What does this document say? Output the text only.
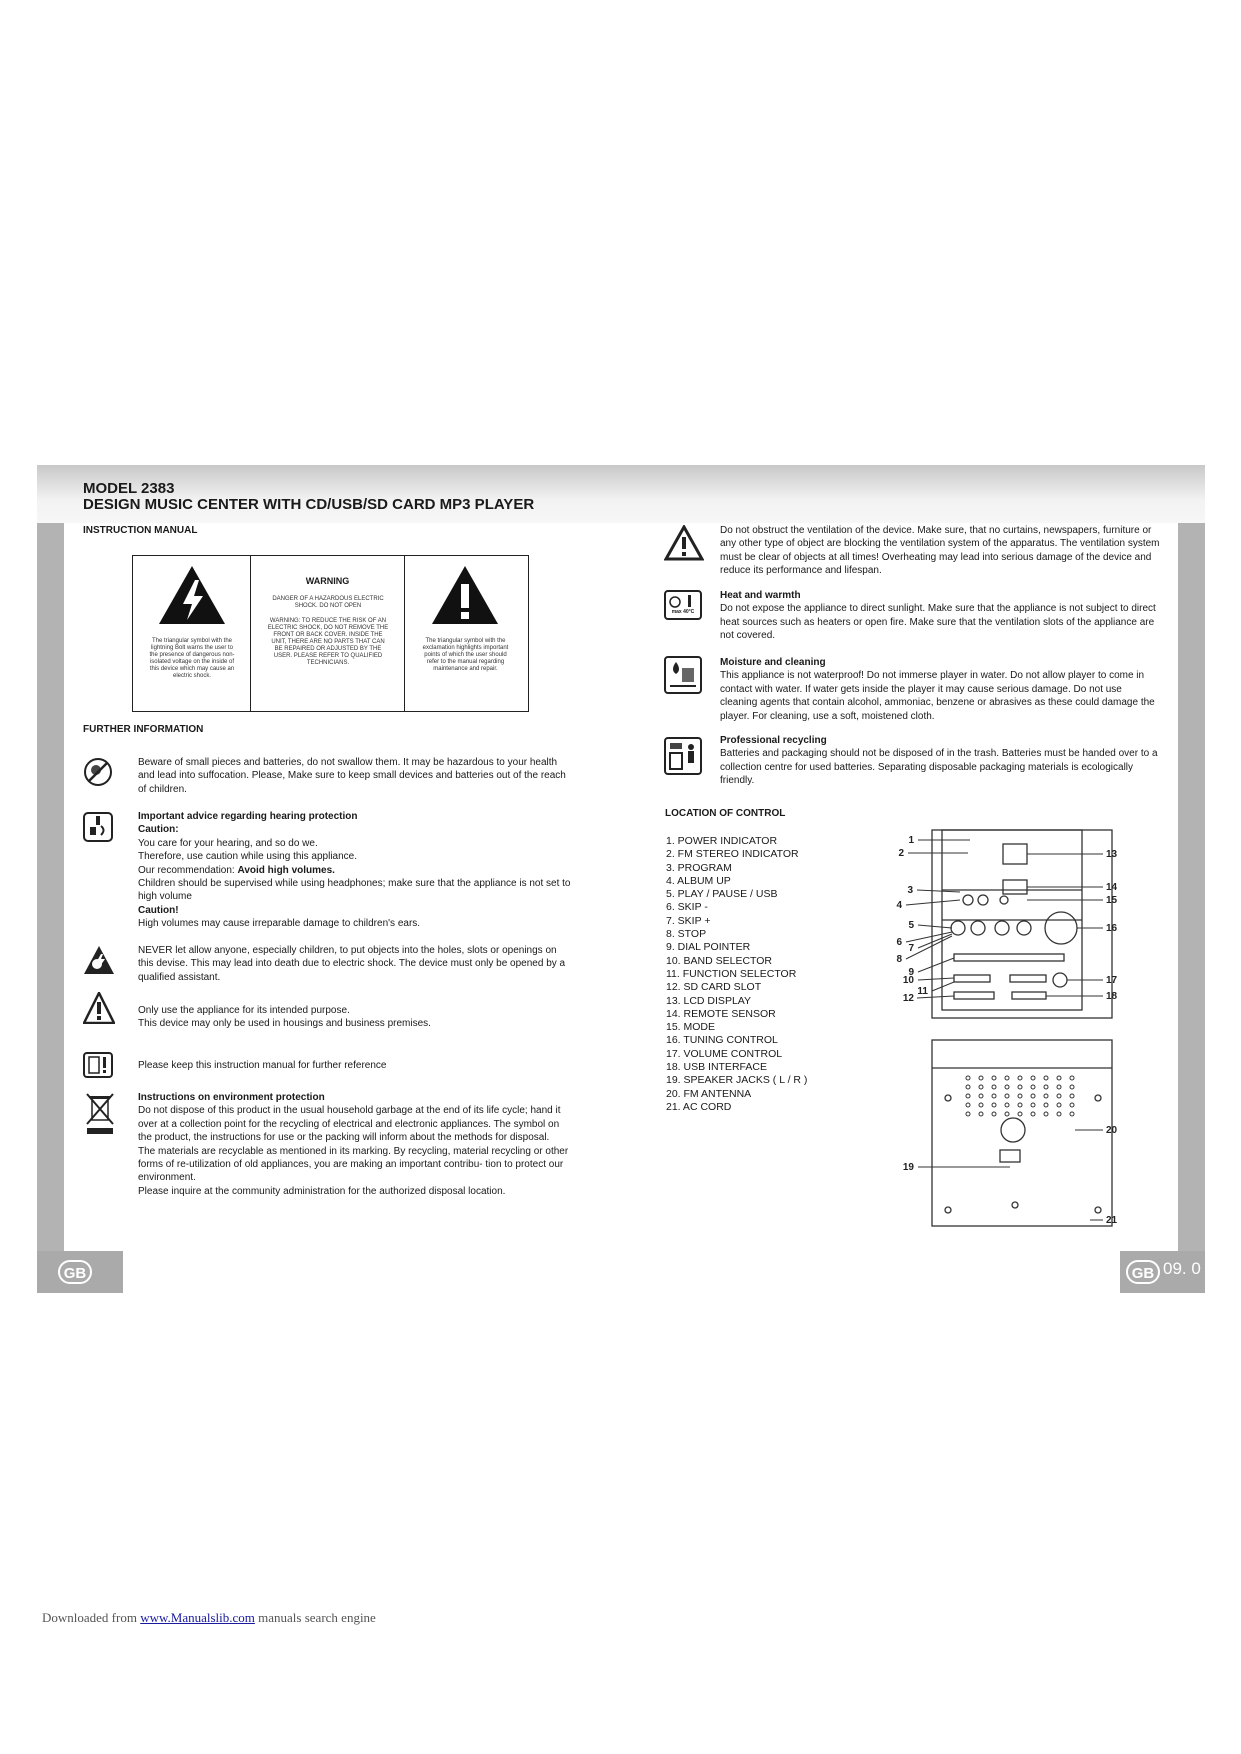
MODEL 2383
DESIGN MUSIC CENTER WITH CD/USB/SD CARD MP3 PLAYER
INSTRUCTION MANUAL
The triangular symbol with the lightning Bolt warns the user to the presence of dangerous non-isolated voltage on the inside of this device which may cause an electric shock.
WARNING
DANGER OF A HAZARDOUS ELECTRIC SHOCK. DO NOT OPEN
WARNING: TO REDUCE THE RISK OF AN ELECTRIC SHOCK, DO NOT REMOVE THE FRONT OR BACK COVER. INSIDE THE UNIT, THERE ARE NO PARTS THAT CAN BE REPAIRED OR ADJUSTED BY THE USER. PLEASE REFER TO QUALIFIED TECHNICIANS.
The triangular symbol with the exclamation highlights important points of which the user should refer to the manual regarding maintenance and repair.
FURTHER INFORMATION

Beware of small pieces and batteries, do not swallow them. It may be hazardous to your health and lead into suffocation. Please, Make sure to keep small devices and batteries out of the reach of children.

Important advice regarding hearing protection

Caution:

You care for your hearing, and so do we.

Therefore, use caution while using this appliance.

Our recommendation: Avoid high volumes.

Children should be supervised while using headphones; make sure that the appliance is not set to high volume

Caution!

High volumes may cause irreparable damage to children's ears.

NEVER let allow anyone, especially children, to put objects into the holes, slots or openings on this devise. This may lead into death due to electric shock. The device must only be opened by a qualified assistant.

Only use the appliance for its intended purpose.

This device may only be used in housings and business premises.

Please keep this instruction manual for further reference

Instructions on environment protection

Do not dispose of this product in the usual household garbage at the end of its life cycle; hand it over at a collection point for the recycling of electrical and electronic appliances. The symbol on the product, the instructions for use or the packing will inform about the methods for disposal.

The materials are recyclable as mentioned in its marking. By recycling, material recycling or other forms of re-utilization of old appliances, you are making an important contribu- tion to protect our environment.

Please inquire at the community administration for the authorized disposal location.

Do not obstruct the ventilation of the device. Make sure, that no curtains, newspapers, furniture or any other type of object are blocking the ventilation system of the apparatus. The ventilation system must be clear of objects at all times! Overheating may lead into serious damage of the device and reduce its performance and lifespan.

max 40°C

Heat and warmth

Do not expose the appliance to direct sunlight. Make sure that the appliance is not subject to direct heat sources such as heaters or open fire. Make sure that the ventilation slots of the appliance are not covered.

Moisture and cleaning

This appliance is not waterproof! Do not immerse player in water. Do not allow player to come in contact with water. If water gets inside the player it may cause serious damage. Do not use cleaning agents that contain alcohol, ammoniac, benzene or abrasives as these could damage the player. For cleaning, use a soft, moistened cloth.

Professional recycling

Batteries and packaging should not be disposed of in the trash. Batteries must be handed over to a collection centre for used batteries. Separating disposable packaging materials is ecologically friendly.

LOCATION OF CONTROL
1. POWER INDICATOR
2. FM STEREO INDICATOR
3. PROGRAM
4. ALBUM UP
5. PLAY / PAUSE / USB
6. SKIP -
7. SKIP +
8. STOP
9. DIAL POINTER
10. BAND SELECTOR
11. FUNCTION SELECTOR
12. SD CARD SLOT
13. LCD DISPLAY
14. REMOTE SENSOR
15. MODE
16. TUNING CONTROL
17. VOLUME CONTROL
18. USB INTERFACE
19. SPEAKER JACKS ( L / R )
20. FM ANTENNA
21. AC CORD
1
2
3
4
5
6
7
8
9
10
11
12
13
14
15
16
17
18
19
20
21
GB	GB 09. 0
Downloaded from www.Manualslib.com manuals search engine
